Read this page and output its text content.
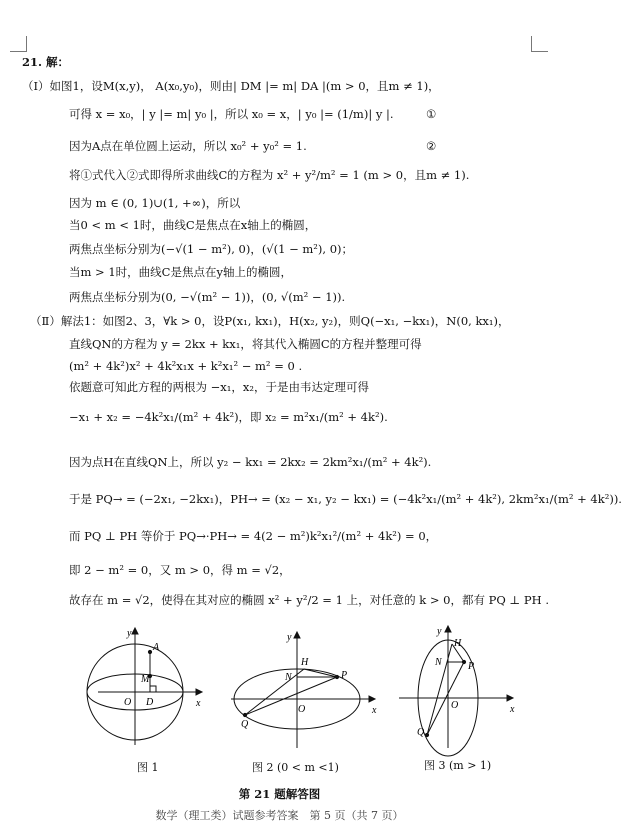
21. 解：
（Ⅰ）如图1，设M(x,y)， A(x₀,y₀)，则由| DM |= m| DA |(m > 0，且m ≠ 1)，
可得 x = x₀，| y |= m| y₀ |，所以 x₀ = x，| y₀ |= (1/m)| y |.	①
因为A点在单位圆上运动，所以 x₀² + y₀² = 1.	②
将①式代入②式即得所求曲线C的方程为 x² + y²/m² = 1 (m > 0，且m ≠ 1).
因为 m ∈ (0, 1)∪(1, +∞)，所以
当0 < m < 1时，曲线C是焦点在x轴上的椭圆，
两焦点坐标分别为(−√(1 − m²), 0)，(√(1 − m²), 0)；
当m > 1时，曲线C是焦点在y轴上的椭圆，
两焦点坐标分别为(0, −√(m² − 1))，(0, √(m² − 1)).
（Ⅱ）解法1：如图2、3，∀k > 0，设P(x₁, kx₁)，H(x₂, y₂)，则Q(−x₁, −kx₁)，N(0, kx₁)，
直线QN的方程为 y = 2kx + kx₁，将其代入椭圆C的方程并整理可得
(m² + 4k²)x² + 4k²x₁x + k²x₁² − m² = 0 .
依题意可知此方程的两根为 −x₁，x₂，于是由韦达定理可得
−x₁ + x₂ = −4k²x₁/(m² + 4k²)，即 x₂ = m²x₁/(m² + 4k²).
因为点H在直线QN上，所以 y₂ − kx₁ = 2kx₂ = 2km²x₁/(m² + 4k²).
于是 PQ→ = (−2x₁, −2kx₁)，PH→ = (x₂ − x₁, y₂ − kx₁) = (−4k²x₁/(m² + 4k²), 2km²x₁/(m² + 4k²)).
而 PQ ⊥ PH 等价于 PQ→·PH→ = 4(2 − m²)k²x₁²/(m² + 4k²) = 0，
即 2 − m² = 0，又 m > 0，得 m = √2，
故存在 m = √2，使得在其对应的椭圆 x² + y²/2 = 1 上，对任意的 k > 0，都有 PQ ⊥ PH .
y
x
A
M
O D
图 1
y
x
H
N	P
O
Q
图 2 (0 < m <1)
y
x
H
N	P
O
Q
图 3 (m > 1)
第 21 题解答图
数学（理工类）试题参考答案　第 5 页（共 7 页）
